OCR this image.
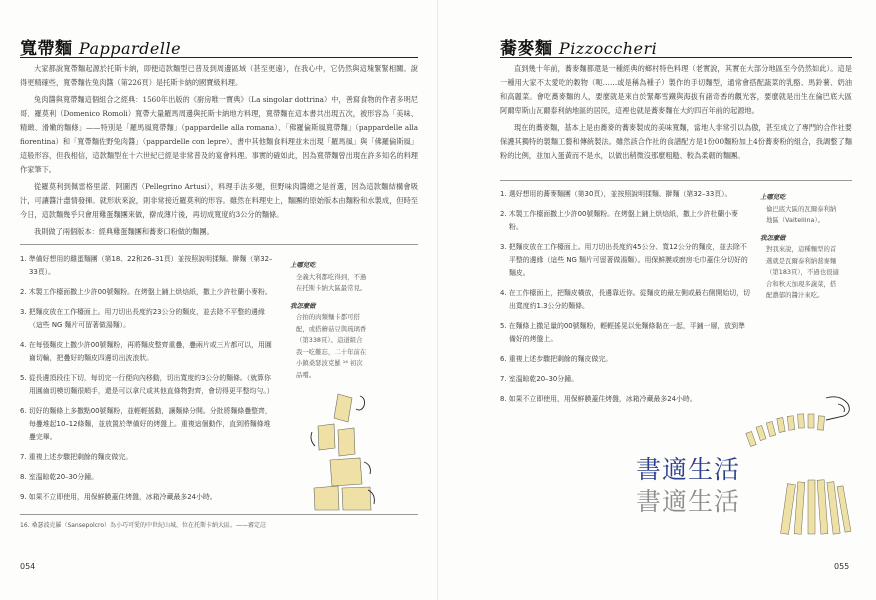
寬帶麵 Pappardelle

大家都說寬帶麵起源於托斯卡納，即便這款麵型已普及到周邊區域（甚至更遠），在我心中，它仍然與這塊緊緊相關。說得更精確些，寬帶麵佐兔肉醬（第226頁）是托斯卡納的國寶級料理。

兔肉醬與寬帶麵這個組合之經典：1560年出版的《廚房唯一寶典》（La singolar dottrina）中，善寫食物的作者多明尼哥．羅莫利（Domenico Romoli）寬帶大量羅馬周邊與托斯卡納地方料理，寬帶麵在這本書共出現五次，被形容為「美味、精緻、滑嫩的麵條」——特別是「羅馬風寬帶麵」（pappardelle alla romana）、「佛羅倫斯風寬帶麵」（pappardelle alla fiorentina）和「寬帶麵佐野兔肉醬」（pappardelle con lepre）。書中其他麵食料理並未出現「羅馬風」與「佛羅倫斯風」這般形容，但我相信，這款麵型在十六世紀已經是非常普及的宴會料理。事實的確如此，因為寬帶麵曾出現在許多知名的料理作家筆下。

從羅莫利到佩雷格里諾．阿圖西（Pellegrino Artusi），料理手法多變，但野味肉醬總之是首選，因為這款麵結構會吸汁，可讓醬汁盡情發揮。就形狀來說，則非常接近羅莫利的形容。雖然在料理史上，麵團的原始版本由麵粉和水製成，但時至今日，這款麵幾乎只會用雞蛋麵團來做，擀成薄片後，再切成寬度約3公分的麵條。

我則做了兩個版本：經典雞蛋麵團和蕎麥口粉做的麵團。

1. 準備好想用的雞蛋麵團（第18、22和26–31頁）並按照說明揉麵、擀麵（第32–33頁）。
2. 木製工作檯面撒上少許00號麵粉。在烤盤上鋪上烘焙紙，撒上少許杜蘭小麥粉。
3. 把麵皮放在工作檯面上。用刀切出長度約23公分的麵皮，並去除不平整的邊緣（這些 NG 麵片可留著做湯麵）。
4. 在每張麵皮上撒少許00號麵粉，再將麵皮整齊重疊，疊兩片或三片都可以，用圓齒切輪，把疊好的麵皮四邊切出波浪狀。
5. 從長邊頂段往下切，每切完一行便向內移動，切出寬度約3公分的麵條。（就算你用圓齒切模切麵很順手，還是可以拿尺或其他直條物對齊，會切得更平整均勻。）
6. 切好的麵條上多撒點00號麵粉，並輕輕搖動，讓麵條分開。分批將麵條疊整齊，每疊堆起10–12條麵，並放置於準備好的烤盤上。重複這個動作，直到將麵條堆疊完畢。
7. 重複上述步驟把剩餘的麵皮做完。
8. 室溫晾乾20–30分鐘。
9. 如果不立即使用，用保鮮膜蓋住烤盤，冰箱冷藏最多24小時。
上哪兒吃
全義大利都吃得到，不過在托斯卡納大區最常見。
我怎麼做
合拍的肉類麵卡都可搭配，或搭蘑菇豆與琉璃香（第338頁）。這道組合我一吃難忘，二十年前在小鎮桑瑟波克羅 ¹⁶ 初次品嚐。
16. 桑瑟波克羅（Sansepolcro）為小巧可愛的中世紀山城，位在托斯卡納大區。——審定註
054
蕎麥麵 Pizzoccheri

直到幾十年前，蕎麥麵都還是一種經典的鄉村特色料理（老實說，其實在大部分地區至今仍然如此）。這是一種用大家不太愛吃的穀物（呃……或是稱為種子）製作的手切麵型，通常會搭配蔬菜的乳酪、馬鈴薯、奶油和高麗菜。會吃蕎麥麵的人，要麼就是來自於緊鄰雪鐵與海拔有諸奇香的觀光客，要麼就是出生在倫巴底大區阿爾卑斯山瓦爾泰利納地區的居民，這裡也就是蕎麥麵在大約四百年前的起源地。

現在的蕎麥麵，基本上是由蕎麥的蕎麥製成的美味寬麵，當地人非常引以為傲，甚至成立了專門的合作社要保護其獨特的製麵工藝和傳統製法。雖然該合作社的食譜配方是1份00麵粉加上4份蕎麥粉的組合，我調整了麵粉的比例，並加入蛋黃而不是水，以做出稍微沒那麼粗糙、較為柔韌的麵團。

1. 選好想用的蕎麥麵團（第30頁），並按照說明揉麵、擀麵（第32–33頁）。
2. 木製工作檯面撒上少許00號麵粉。在烤盤上鋪上烘焙紙，撒上少許杜蘭小麥粉。
3. 把麵皮放在工作檯面上。用刀切出長度約45公分、寬12公分的麵皮，並去除不平整的邊緣（這些 NG 麵片可留著做湯麵）。用保鮮膜或廚房毛巾蓋住分切好的麵皮。
4. 在工作檯面上，把麵皮橫放，長邊靠近你。從麵皮的最左側或最右側開始切，切出寬度約1.3公分的麵條。
5. 在麵條上撒足量的00號麵粉，輕輕搖晃以免麵條黏在一起，平鋪一層，放到準備好的烤盤上。
6. 重複上述步驟把剩餘的麵皮做完。
7. 室溫晾乾20–30分鐘。
8. 如果不立即使用，用保鮮膜蓋住烤盤，冰箱冷藏最多24小時。
上哪兒吃
倫巴底大區的瓦爾泰利納地區（Valtellina）。
我怎麼做
對我來說，這種麵型的首選就是瓦爾泰利納蕎麥麵（第183頁），不過也很適合和秋天加現多蔬菜，搭配濃郁的醬汁來吃。
書適生活
書適生活
055
